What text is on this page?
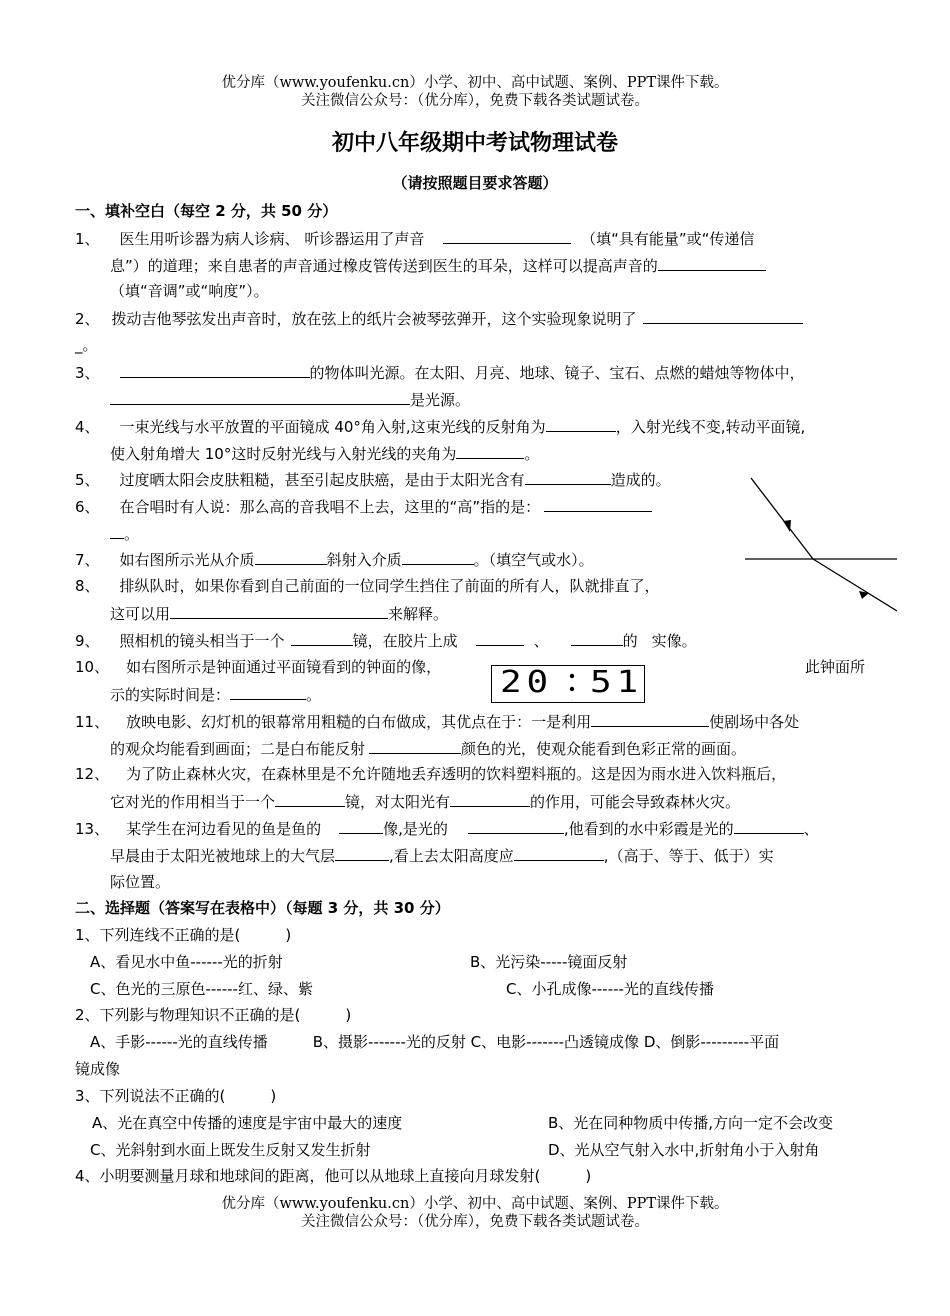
优分库（www.youfenku.cn）小学、初中、高中试题、案例、PPT课件下载。
关注微信公众号：（优分库），免费下载各类试题试卷。
初中八年级期中考试物理试卷
（请按照题目要求答题）
一、填补空白（每空 2 分，共 50 分）
1、 医生用听诊器为病人诊病、 听诊器运用了声音	（填“具有能量”或“传递信
息”）的道理；来自患者的声音通过橡皮管传送到医生的耳朵，这样可以提高声音的
（填“音调”或“响度”）。
2、 拨动吉他琴弦发出声音时，放在弦上的纸片会被琴弦弹开，这个实验现象说明了
_。
3、	的物体叫光源。在太阳、月亮、地球、镜子、宝石、点燃的蜡烛等物体中，
是光源。
4、 一束光线与水平放置的平面镜成 40°角入射,这束光线的反射角为	，入射光线不变,转动平面镜,
使入射角增大 10°这时反射光线与入射光线的夹角为	。
5、 过度晒太阳会皮肤粗糙，甚至引起皮肤癌，是由于太阳光含有	造成的。
6、 在合唱时有人说：那么高的音我唱不上去，这里的“高”指的是：
。
7、 如右图所示光从介质	斜射入介质	。（填空气或水）。
8、 排纵队时，如果你看到自己前面的一位同学生挡住了前面的所有人，队就排直了，
这可以用	来解释。
9、 照相机的镜头相当于一个	镜，在胶片上成	、	的 实像。
10、 如右图所示是钟面通过平面镜看到的钟面的像，	此钟面所
示的实际时间是：	。	20 51
11、 放映电影、幻灯机的银幕常用粗糙的白布做成，其优点在于：一是利用	使剧场中各处
的观众均能看到画面；二是白布能反射	颜色的光，使观众能看到色彩正常的画面。
12、 为了防止森林火灾，在森林里是不允许随地丢弃透明的饮料塑料瓶的。这是因为雨水进入饮料瓶后，
它对光的作用相当于一个	镜，对太阳光有	的作用，可能会导致森林火灾。
13、 某学生在河边看见的鱼是鱼的	像,是光的	,他看到的水中彩霞是光的	、
早晨由于太阳光被地球上的大气层	,看上去太阳高度应	,（高于、等于、低于）实
际位置。
二、选择题（答案写在表格中）（每题 3 分，共 30 分）
1、下列连线不正确的是(　　　)
A、看见水中鱼------光的折射	B、光污染-----镜面反射
C、色光的三原色------红、绿、紫	C、小孔成像------光的直线传播
2、下列影与物理知识不正确的是(　　　)
A、手影------光的直线传播　　　B、摄影-------光的反射 C、电影-------凸透镜成像 D、倒影---------平面
镜成像
3、下列说法不正确的(　　　)
A、光在真空中传播的速度是宇宙中最大的速度	B、光在同种物质中传播,方向一定不会改变
C、光斜射到水面上既发生反射又发生折射	D、光从空气射入水中,折射角小于入射角
4、小明要测量月球和地球间的距离，他可以从地球上直接向月球发射(　　　)
优分库（www.youfenku.cn）小学、初中、高中试题、案例、PPT课件下载。
关注微信公众号：（优分库），免费下载各类试题试卷。
